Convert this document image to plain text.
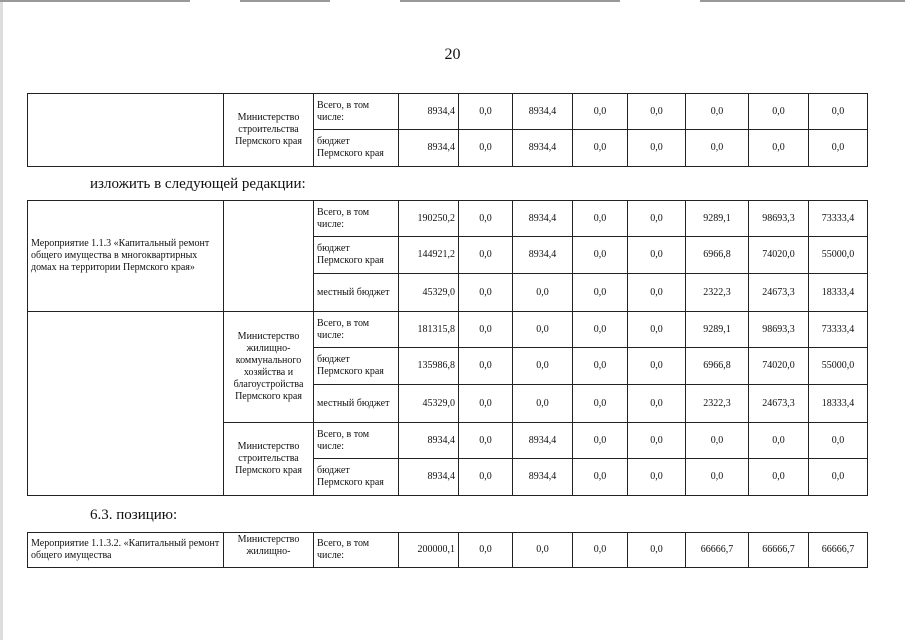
20
	Министерство строительства Пермского края	Всего, в том числе:	8934,4	0,0	8934,4	0,0	0,0	0,0	0,0	0,0
		бюджет Пермского края	8934,4	0,0	8934,4	0,0	0,0	0,0	0,0	0,0
изложить в следующей редакции:
Мероприятие 1.1.3 «Капитальный ремонт общего имущества в многоквартирных домах на территории Пермского края»		Всего, в том числе:	190250,2	0,0	8934,4	0,0	0,0	9289,1	98693,3	73333,4
		бюджет Пермского края	144921,2	0,0	8934,4	0,0	0,0	6966,8	74020,0	55000,0
		местный бюджет	45329,0	0,0	0,0	0,0	0,0	2322,3	24673,3	18333,4
	Министерство жилищно-коммунального хозяйства и благоустройства Пермского края	Всего, в том числе:	181315,8	0,0	0,0	0,0	0,0	9289,1	98693,3	73333,4
		бюджет Пермского края	135986,8	0,0	0,0	0,0	0,0	6966,8	74020,0	55000,0
		местный бюджет	45329,0	0,0	0,0	0,0	0,0	2322,3	24673,3	18333,4
	Министерство строительства Пермского края	Всего, в том числе:	8934,4	0,0	8934,4	0,0	0,0	0,0	0,0	0,0
		бюджет Пермского края	8934,4	0,0	8934,4	0,0	0,0	0,0	0,0	0,0
6.3. позицию:
Мероприятие 1.1.3.2. «Капитальный ремонт общего имущества	Министерство жилищно-	Всего, в том числе:	200000,1	0,0	0,0	0,0	0,0	66666,7	66666,7	66666,7
